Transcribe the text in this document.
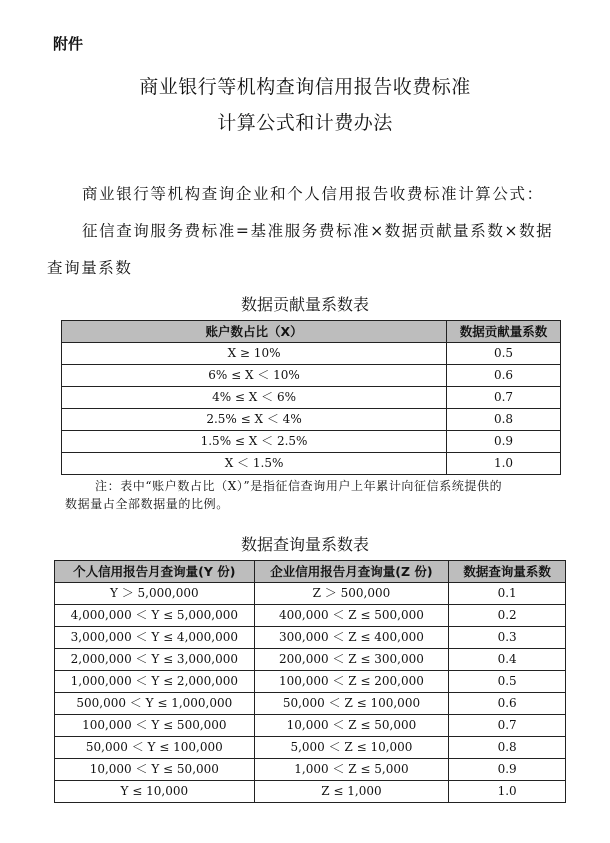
附件
商业银行等机构查询信用报告收费标准
计算公式和计费办法
商业银行等机构查询企业和个人信用报告收费标准计算公式：
征信查询服务费标准=基准服务费标准×数据贡献量系数×数据
查询量系数
数据贡献量系数表
账户数占比（X）	数据贡献量系数
X ≥ 10%	0.5
6% ≤ X ＜ 10%	0.6
4% ≤ X ＜ 6%	0.7
2.5% ≤ X ＜ 4%	0.8
1.5% ≤ X ＜ 2.5%	0.9
X ＜ 1.5%	1.0
注：表中“账户数占比（X）”是指征信查询用户上年累计向征信系统提供的
数据量占全部数据量的比例。
数据查询量系数表
个人信用报告月查询量(Y 份)	企业信用报告月查询量(Z 份)	数据查询量系数
Y ＞ 5,000,000	Z ＞ 500,000	0.1
4,000,000 ＜ Y ≤ 5,000,000	400,000 ＜ Z ≤ 500,000	0.2
3,000,000 ＜ Y ≤ 4,000,000	300,000 ＜ Z ≤ 400,000	0.3
2,000,000 ＜ Y ≤ 3,000,000	200,000 ＜ Z ≤ 300,000	0.4
1,000,000 ＜ Y ≤ 2,000,000	100,000 ＜ Z ≤ 200,000	0.5
500,000 ＜ Y ≤ 1,000,000	50,000 ＜ Z ≤ 100,000	0.6
100,000 ＜ Y ≤ 500,000	10,000 ＜ Z ≤ 50,000	0.7
50,000 ＜ Y ≤ 100,000	5,000 ＜ Z ≤ 10,000	0.8
10,000 ＜ Y ≤ 50,000	1,000 ＜ Z ≤ 5,000	0.9
Y ≤ 10,000	Z ≤ 1,000	1.0
